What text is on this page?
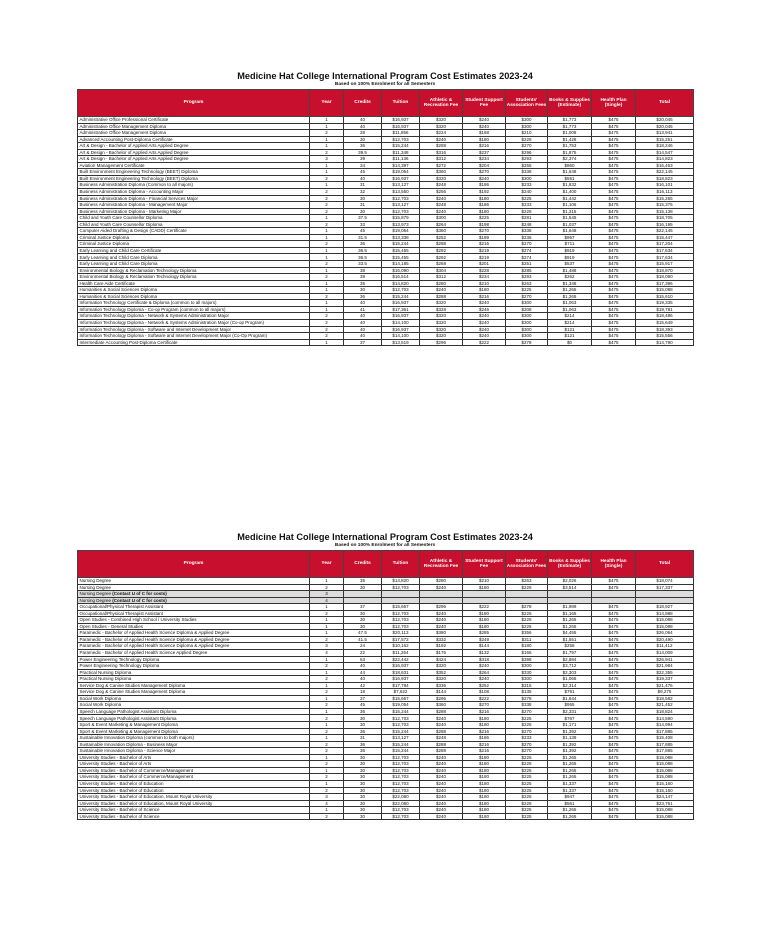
Medicine Hat College International Program Cost Estimates 2023-24
Based on 100% Enrolment for all Semesters
Program	Year	Credits	Tuition	Athletic & Recreation Fee	Student Support Fee	Students' Association Fees	Books & Supplies (Estimate)	Health Plan (Single)	Total
Administrative Office Professional Certificate	1	40	$16,937	$320	$240	$300	$1,773	$475	$20,045
Administrative Office Management Diploma	1	40	$16,937	$320	$240	$300	$1,773	$475	$20,045
Administrative Office Management Diploma	2	28	$11,856	$224	$168	$210	$1,008	$475	$13,941
Advanced Accounting Post-Diploma Certificate	1	30	$12,703	$240	$180	$225	$1,428	$475	$15,251
Art & Design - Bachelor of Applied Arts Applied Degree	1	36	$15,244	$288	$216	$270	$1,753	$475	$18,246
Art & Design - Bachelor of Applied Arts Applied Degree	2	39.5	$11,348	$316	$237	$296	$1,875	$475	$14,547
Art & Design - Bachelor of Applied Arts Applied Degree	3	39	$11,136	$312	$234	$293	$2,374	$475	$14,823
Aviation Management Certificate	1	34	$14,397	$272	$204	$255	$860	$475	$16,463
Built Environment Engineering Technology (BEET) Diploma	1	45	$19,054	$360	$270	$338	$1,648	$475	$22,145
Built Environment Engineering Technology (BEET) Diploma	2	40	$16,937	$320	$240	$300	$551	$475	$18,823
Business Administration Diploma (Common to all majors)	1	31	$13,127	$248	$186	$233	$1,832	$475	$16,101
Business Administration Diploma - Accounting Major	2	32	$13,550	$256	$192	$240	$1,400	$475	$16,113
Business Administration Diploma - Financial Services Major	2	30	$12,703	$240	$180	$225	$1,442	$475	$15,265
Business Administration Diploma - Management Major	2	31	$13,127	$248	$186	$233	$1,106	$475	$15,375
Business Administration Diploma - Marketing Major	2	30	$12,703	$240	$180	$225	$1,315	$475	$15,138
Child and Youth Care Counsellor Diploma	1	37.5	$15,879	$300	$225	$281	$1,545	$475	$18,705
Child and Youth Care Counsellor Diploma	2	33	$13,973	$264	$198	$248	$1,037	$475	$16,195
Computer Aided Drafting & Design (CADD) Certificate	1	45	$19,054	$360	$270	$338	$1,648	$475	$22,145
Criminal Justice Diploma	1	31.5	$13,338	$252	$189	$236	$957	$475	$15,447
Criminal Justice Diploma	2	36	$15,244	$288	$216	$270	$711	$475	$17,204
Early Learning and Child Care Certificate	1	36.5	$15,455	$292	$219	$274	$919	$475	$17,634
Early Learning and Child Care Diploma	1	36.5	$15,455	$292	$219	$274	$919	$475	$17,634
Early Learning and Child Care Diploma	2	33.5	$14,185	$268	$201	$251	$537	$475	$15,917
Environmental Biology & Reclamation Technology Diploma	1	38	$16,090	$304	$228	$285	$1,488	$475	$18,870
Environmental Biology & Reclamation Technology Diploma	2	39	$16,514	$312	$234	$293	$262	$475	$18,090
Health Care Aide Certificate	1	35	$14,820	$280	$210	$263	$1,348	$475	$17,396
Humanities & Social Sciences Diploma	1	30	$12,703	$240	$180	$225	$1,265	$475	$15,088
Humanities & Social Sciences Diploma	2	36	$15,244	$288	$216	$270	$1,265	$475	$15,610
Information Technology Certificate & Diploma (common to all majors)	1	40	$16,937	$320	$240	$300	$1,063	$475	$19,335
Information Technology Diploma - Co-op Program (common to all majors)	1	41	$17,361	$328	$246	$308	$1,063	$475	$19,781
Information Technology Diploma - Network & Systems Administration Major	2	40	$16,937	$320	$240	$300	$214	$475	$18,486
Information Technology Diploma - Network & Systems Administration Major (Co-op Program)	2	40	$14,100	$320	$240	$300	$214	$475	$15,649
Information Technology Diploma - Software and Internet Development Major	2	40	$16,937	$320	$240	$300	$121	$475	$18,393
Information Technology Diploma - Software and Internet Development Major (Co-Op Program)	2	40	$14,100	$320	$240	$300	$121	$475	$15,556
Intermediate Accounting Post-Diploma Certificate	1	37	$13,519	$296	$222	$278	$0	$475	$14,790
Medicine Hat College International Program Cost Estimates 2023-24
Based on 100% Enrolment for all Semesters
Program	Year	Credits	Tuition	Athletic & Recreation Fee	Student Support Fee	Students' Association Fees	Books & Supplies (Estimate)	Health Plan (Single)	Total
Nursing Degree	1	35	$14,820	$280	$210	$263	$2,026	$475	$18,074
Nursing Degree	2	30	$12,703	$240	$180	$225	$3,514	$475	$17,337
Nursing Degree (Contact U of C for costs)	3								
Nursing Degree (Contact U of C for costs)	4								
Occupational/Physical Therapist Assistant	1	37	$15,667	$296	$222	$278	$1,989	$475	$18,927
Occupational/Physical Therapist Assistant	2	30	$12,703	$240	$180	$225	$1,165	$475	$14,988
Open Studies - Combined High School / University Studies	1	30	$12,703	$240	$180	$225	$1,265	$475	$15,088
Open Studies - General Studies	1	30	$12,703	$240	$180	$225	$1,265	$475	$15,088
Paramedic - Bachelor of Applied Health Science Diploma & Applied Degree	1	47.5	$20,113	$380	$285	$356	$4,455	$475	$26,064
Paramedic - Bachelor of Applied Health Science Diploma & Applied Degree	2	41.5	$17,572	$332	$249	$311	$1,551	$475	$20,490
Paramedic - Bachelor of Applied Health Science Diploma & Applied Degree	3	24	$10,162	$192	$144	$180	$258	$475	$11,412
Paramedic - Bachelor of Applied Health Science Applied Degree	4	22	$11,264	$176	$132	$165	$1,797	$475	$14,009
Power Engineering Technology Diploma	1	53	$22,442	$424	$318	$398	$2,884	$475	$26,941
Power Engineering Technology Diploma	2	40	$16,937	$320	$240	$300	$3,712	$475	$21,984
Practical Nursing Diploma	1	44	$18,631	$352	$264	$330	$2,303	$475	$22,355
Practical Nursing Diploma	2	40	$16,937	$320	$240	$300	$1,065	$475	$19,337
Service Dog & Canine Studies Management Diploma	1	42	$17,784	$336	$252	$315	$2,314	$475	$21,476
Service Dog & Canine Studies Management Diploma	2	18	$7,622	$144	$108	$135	$791	$475	$9,275
Social Work Diploma	1	37	$15,667	$296	$222	$278	$1,644	$475	$18,582
Social Work Diploma	2	45	$19,054	$360	$270	$338	$955	$475	$21,452
Speech Language Pathologist Assistant Diploma	1	36	$15,244	$288	$216	$270	$2,331	$475	$18,824
Speech Language Pathologist Assistant Diploma	2	30	$12,703	$240	$180	$225	$767	$475	$14,590
Sport & Event Marketing & Management Diploma	1	30	$12,703	$240	$180	$225	$1,171	$475	$14,994
Sport & Event Marketing & Management Diploma	2	36	$15,244	$288	$216	$270	$1,392	$475	$17,885
Sustainable Innovation Diploma (common to both majors)	1	31	$13,127	$248	$186	$233	$1,139	$475	$15,408
Sustainable Innovation Diploma - Business Major	2	36	$15,244	$288	$216	$270	$1,392	$475	$17,885
Sustainable Innovation Diploma - Science Major	2	36	$15,244	$288	$216	$270	$1,392	$475	$17,885
University Studies - Bachelor of Arts	1	30	$12,703	$240	$180	$225	$1,265	$475	$15,088
University Studies - Bachelor of Arts	2	30	$12,703	$240	$180	$225	$1,265	$475	$15,088
University Studies - Bachelor of Commerce/Management	1	30	$12,703	$240	$180	$225	$1,265	$475	$15,088
University Studies - Bachelor of Commerce/Management	2	30	$12,703	$240	$180	$225	$1,265	$475	$15,088
University Studies - Bachelor of Education	1	30	$12,703	$240	$180	$225	$1,337	$475	$15,160
University Studies - Bachelor of Education	2	30	$12,703	$240	$180	$225	$1,337	$475	$15,160
University Studies - Bachelor of Education, Mount Royal University	3	30	$22,080	$240	$180	$225	$947	$475	$24,147
University Studies - Bachelor of Education, Mount Royal University	4	30	$22,080	$240	$180	$225	$561	$475	$23,761
University Studies - Bachelor of Science	1	30	$12,703	$240	$180	$225	$1,265	$475	$15,088
University Studies - Bachelor of Science	2	30	$12,703	$240	$180	$225	$1,265	$475	$15,088
